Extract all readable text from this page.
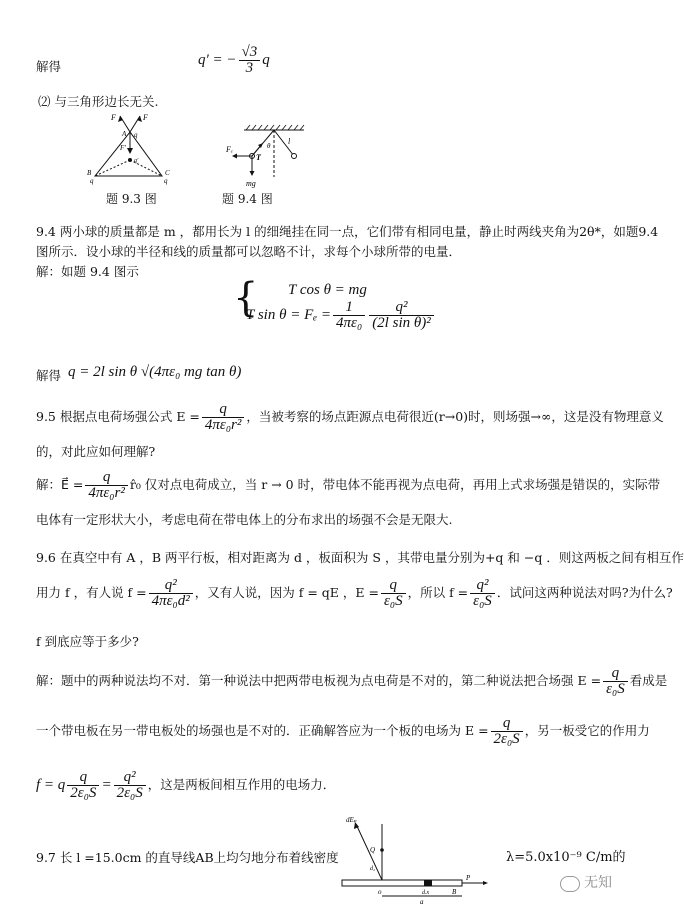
解得	q′ = − $\frac{√3}{3}$ q
⑵ 与三角形边长无关.
F	F
A q
F′
q′
B
q
C
q
题 9.3 图
Fₑ
T
θ l
mg
题 9.4 图
9.4 两小球的质量都是 m ，都用长为 l 的细绳挂在同一点，它们带有相同电量，静止时两线夹角为2θ*，如题9.4
图所示．设小球的半径和线的质量都可以忽略不计，求每个小球所带的电量．
解：如题 9.4 图示
{ T cos θ = mg
T $\sin \theta = F_e = \frac{1}{\text{4πε₀}} \frac{\text{q²}}{\text{(2l sin θ)²}}$
解得 q = 2l sin θ √(4πε₀ mg tan θ)
9.5 根据点电荷场强公式 $E = \frac{q}{\text{4πε₀r²}}$ ，当被考察的场点距源点电荷很近(r→0)时，则场强→∞，这是没有物理意义
的，对此应如何理解?
解：E⃗ = $\frac{q}{\text{4πε₀r²}}$ r̂₀ 仅对点电荷成立，当 r → 0 时，带电体不能再视为点电荷，再用上式求场强是错误的，实际带
电体有一定形状大小，考虑电荷在带电体上的分布求出的场强不会是无限大.
9.6 在真空中有 A ，B 两平行板，相对距离为 d ，板面积为 S ，其带电量分别为+q 和 −q ．则这两板之间有相互作
用力 f ，有人说 $f = \frac{\text{q²}}{\text{4πε₀d²}}$ ，又有人说，因为 f = qE ，$E = \frac{q}{\text{ε₀S}}$ ，所以 $f = \frac{\text{q²}}{\text{ε₀S}}$ ．试问这两种说法对吗?为什么?
f 到底应等于多少?
解：题中的两种说法均不对．第一种说法中把两带电板视为点电荷是不对的，第二种说法把合场强 $E = \frac{q}{\text{ε₀S}}$ 看成是
一个带电板在另一带电板处的场强也是不对的．正确解答应为一个板的电场为 $E = \frac{q}{\text{2ε₀S}}$ ，另一板受它的作用力
f = q $\frac{q}{\text{2ε₀S}} = \frac{\text{q²}}{\text{2ε₀S}}$ ，这是两板间相互作用的电场力．
9.7 长 l =15.0cm 的直导线AB上均匀地分布着线密度	λ=5.0x10⁻⁹ C/m的
dEₚ
Q
d₂
o	d.x	B
P
a
无知
